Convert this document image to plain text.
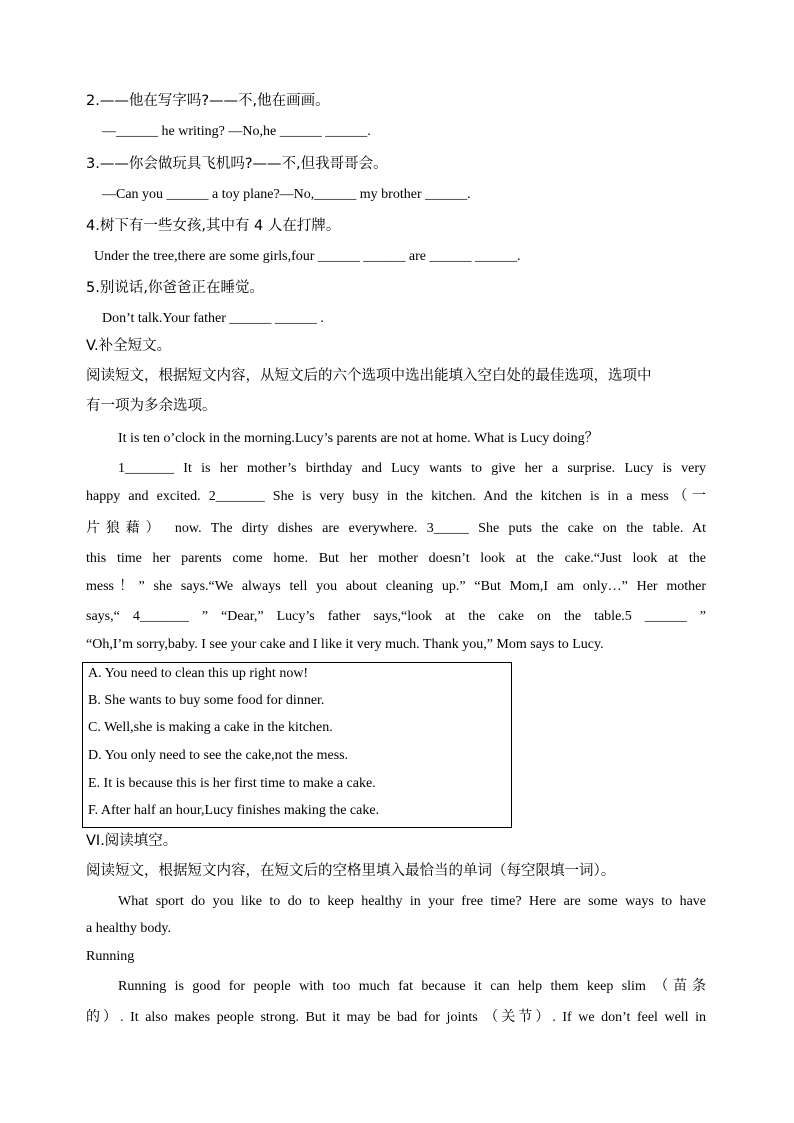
2.——他在写字吗?——不,他在画画。
—______ he writing? —No,he ______ ______.
3.——你会做玩具飞机吗?——不,但我哥哥会。
—Can you ______ a toy plane?—No,______ my brother ______.
4.树下有一些女孩,其中有 4 人在打牌。
Under the tree,there are some girls,four ______ ______ are ______ ______.
5.别说话,你爸爸正在睡觉。
Don’t talk.Your father ______ ______ .
V.补全短文。
阅读短文，根据短文内容，从短文后的六个选项中选出能填入空白处的最佳选项，选项中
有一项为多余选项。
It is ten o’clock in the morning.Lucy’s parents are not at home. What is Lucy doing？
1_______ It is her mother’s birthday and Lucy wants to give her a surprise. Lucy is very
happy and excited. 2_______ She is very busy in the kitchen. And the kitchen is in a mess（一
片狼藉） now. The dirty dishes are everywhere. 3_____ She puts the cake on the table. At
this time her parents come home. But her mother doesn’t look at the cake.“Just look at the
mess！” she says.“We always tell you about cleaning up.” “But Mom,I am only…” Her mother
says,“ 4_______ ” “Dear,” Lucy’s father says,“look at the cake on the table.5 ______ ”
“Oh,I’m sorry,baby. I see your cake and I like it very much. Thank you,” Mom says to Lucy.
A. You need to clean this up right now!
B. She wants to buy some food for dinner.
C. Well,she is making a cake in the kitchen.
D. You only need to see the cake,not the mess.
E. It is because this is her first time to make a cake.
F. After half an hour,Lucy finishes making the cake.
VI.阅读填空。
阅读短文，根据短文内容，在短文后的空格里填入最恰当的单词（每空限填一词）。
What sport do you like to do to keep healthy in your free time? Here are some ways to have
a healthy body.
Running
Running is good for people with too much fat because it can help them keep slim （苗条
的）. It also makes people strong. But it may be bad for joints （关节）. If we don’t feel well in
